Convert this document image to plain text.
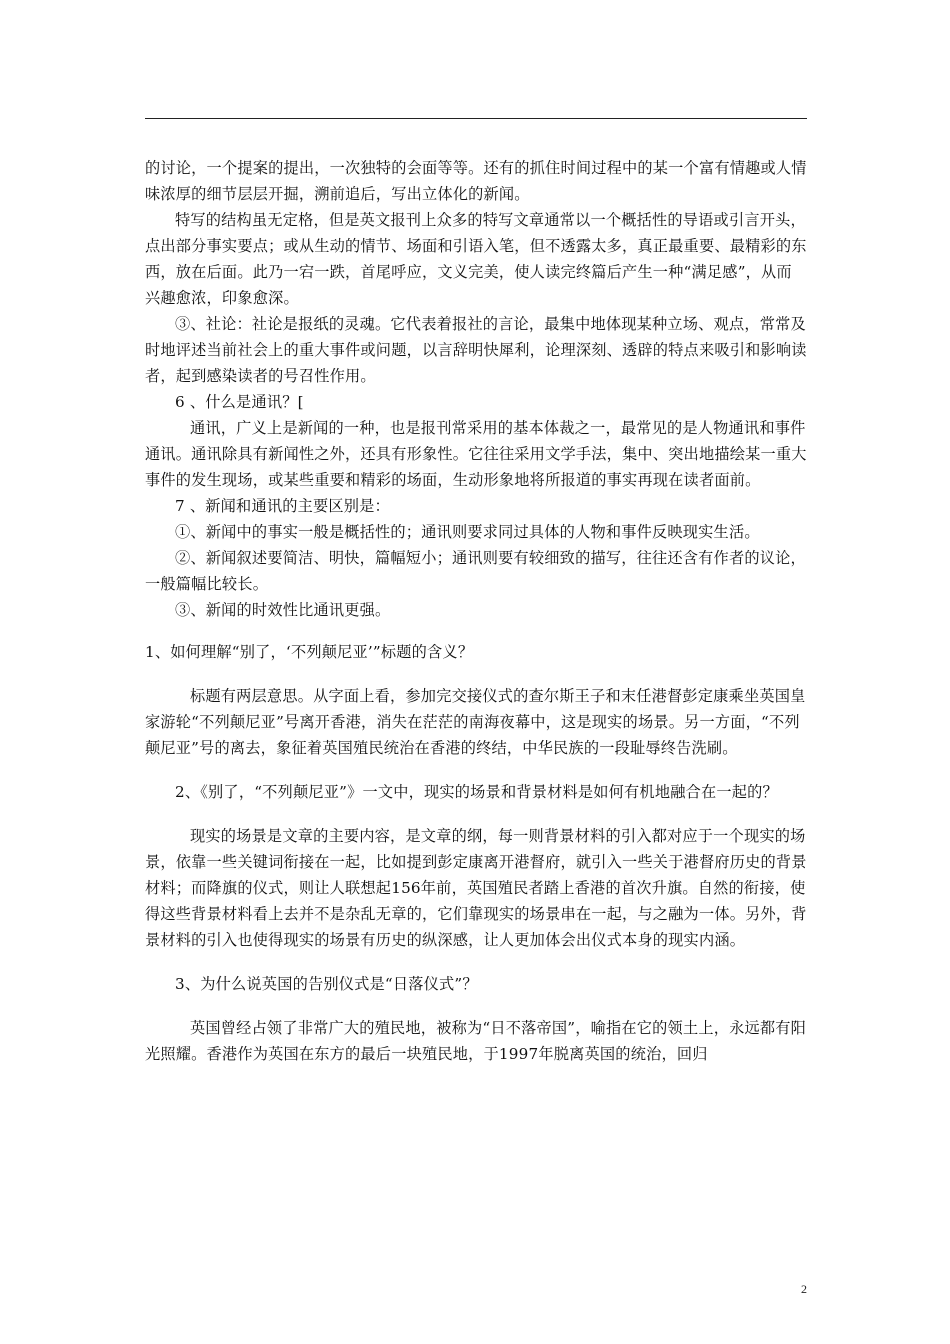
的讨论，一个提案的提出，一次独特的会面等等。还有的抓住时间过程中的某一个富有情趣或人情味浓厚的细节层层开掘，溯前追后，写出立体化的新闻。

特写的结构虽无定格，但是英文报刊上众多的特写文章通常以一个概括性的导语或引言开头，点出部分事实要点；或从生动的情节、场面和引语入笔，但不透露太多，真正最重要、最精彩的东西，放在后面。此乃一宕一跌，首尾呼应，文义完美，使人读完终篇后产生一种“满足感”，从而兴趣愈浓，印象愈深。

③、社论：社论是报纸的灵魂。它代表着报社的言论，最集中地体现某种立场、观点，常常及时地评述当前社会上的重大事件或问题，以言辞明快犀利，论理深刻、透辟的特点来吸引和影响读者，起到感染读者的号召性作用。

6 、什么是通讯？[

通讯，广义上是新闻的一种，也是报刊常采用的基本体裁之一，最常见的是人物通讯和事件通讯。通讯除具有新闻性之外，还具有形象性。它往往采用文学手法，集中、突出地描绘某一重大事件的发生现场，或某些重要和精彩的场面，生动形象地将所报道的事实再现在读者面前。

7 、新闻和通讯的主要区别是：

①、新闻中的事实一般是概括性的；通讯则要求同过具体的人物和事件反映现实生活。

②、新闻叙述要简洁、明快，篇幅短小；通讯则要有较细致的描写，往往还含有作者的议论，一般篇幅比较长。

③、新闻的时效性比通讯更强。

1、如何理解“别了，‘不列颠尼亚’”标题的含义？

标题有两层意思。从字面上看，参加完交接仪式的查尔斯王子和末任港督彭定康乘坐英国皇家游轮“不列颠尼亚”号离开香港，消失在茫茫的南海夜幕中，这是现实的场景。另一方面，“不列颠尼亚”号的离去，象征着英国殖民统治在香港的终结，中华民族的一段耻辱终告洗刷。

2、《别了，“不列颠尼亚”》一文中，现实的场景和背景材料是如何有机地融合在一起的？

现实的场景是文章的主要内容，是文章的纲，每一则背景材料的引入都对应于一个现实的场景，依靠一些关键词衔接在一起，比如提到彭定康离开港督府，就引入一些关于港督府历史的背景材料；而降旗的仪式，则让人联想起156年前，英国殖民者踏上香港的首次升旗。自然的衔接，使得这些背景材料看上去并不是杂乱无章的，它们靠现实的场景串在一起，与之融为一体。另外，背景材料的引入也使得现实的场景有历史的纵深感，让人更加体会出仪式本身的现实内涵。

3、为什么说英国的告别仪式是“日落仪式”？

英国曾经占领了非常广大的殖民地，被称为“日不落帝国”，喻指在它的领土上，永远都有阳光照耀。香港作为英国在东方的最后一块殖民地，于1997年脱离英国的统治，回归

2
